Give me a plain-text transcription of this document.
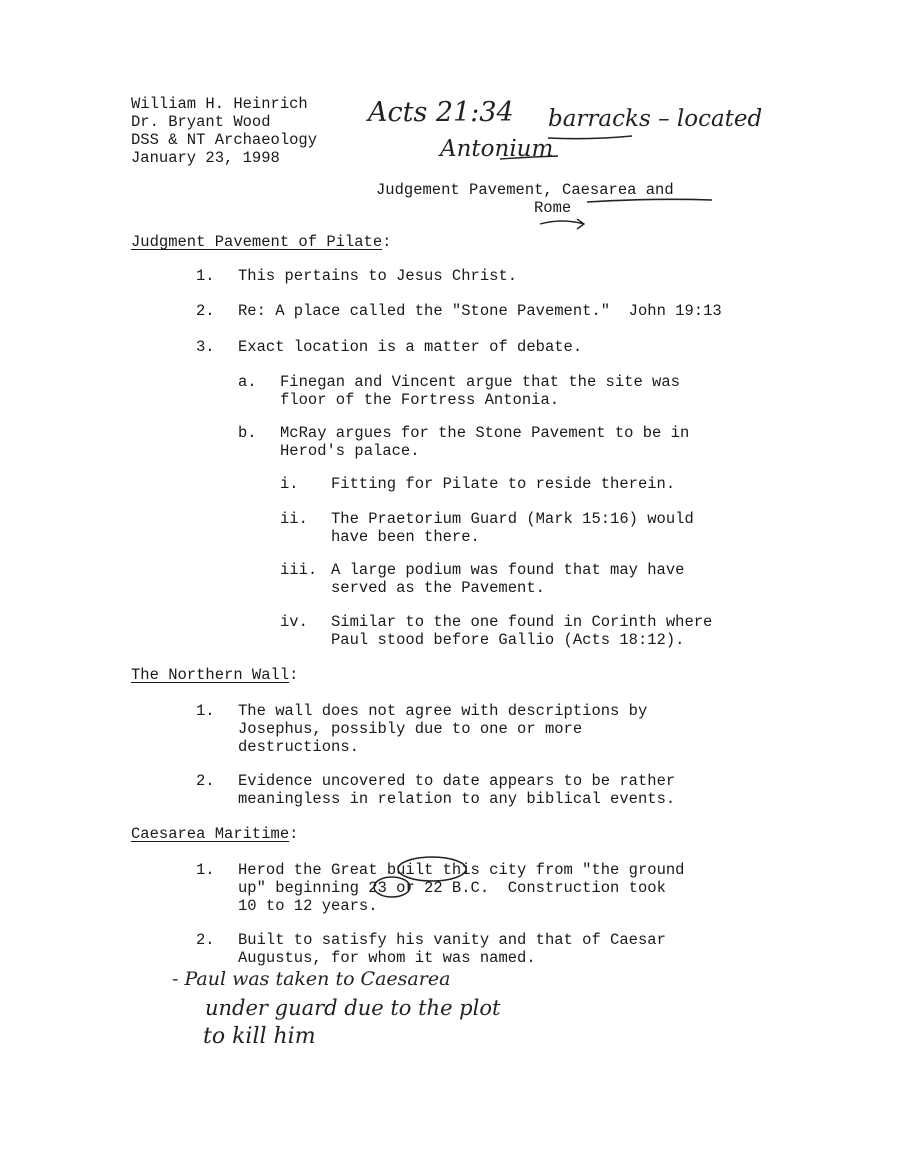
William H. Heinrich
Dr. Bryant Wood
DSS & NT Archaeology
January 23, 1998
Acts 21:34 barracks – located
Antonium
Judgement Pavement, Caesarea and
Rome
Judgment Pavement of Pilate:
1. This pertains to Jesus Christ.
2. Re: A place called the "Stone Pavement."  John 19:13
3. Exact location is a matter of debate.
a. Finegan and Vincent argue that the site was
floor of the Fortress Antonia.
b. McRay argues for the Stone Pavement to be in
Herod's palace.
i. Fitting for Pilate to reside therein.
ii. The Praetorium Guard (Mark 15:16) would
have been there.
iii. A large podium was found that may have
served as the Pavement.
iv. Similar to the one found in Corinth where
Paul stood before Gallio (Acts 18:12).
The Northern Wall:
1. The wall does not agree with descriptions by
Josephus, possibly due to one or more
destructions.
2. Evidence uncovered to date appears to be rather
meaningless in relation to any biblical events.
Caesarea Maritime:
1. Herod the Great built this city from "the ground
up" beginning 23 or 22 B.C.  Construction took
10 to 12 years.
2. Built to satisfy his vanity and that of Caesar
Augustus, for whom it was named.
- Paul was taken to Caesarea
under guard due to the plot
to kill him
